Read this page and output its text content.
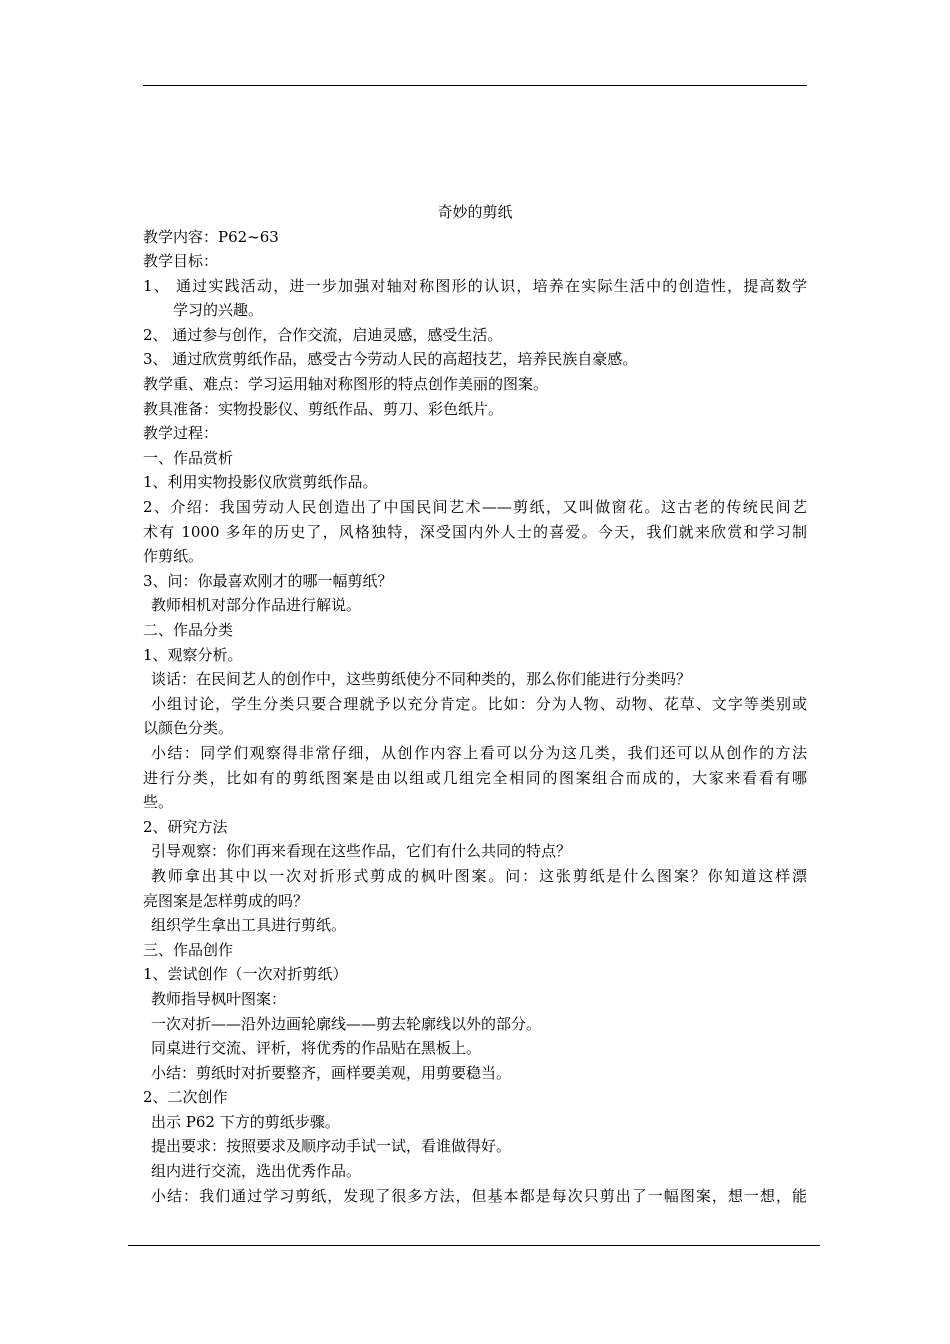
奇妙的剪纸
教学内容：P62~63
教学目标：
1、 通过实践活动，进一步加强对轴对称图形的认识，培养在实际生活中的创造性，提高数学
学习的兴趣。
2、 通过参与创作，合作交流，启迪灵感，感受生活。
3、 通过欣赏剪纸作品，感受古今劳动人民的高超技艺，培养民族自豪感。
教学重、难点：学习运用轴对称图形的特点创作美丽的图案。
教具准备：实物投影仪、剪纸作品、剪刀、彩色纸片。
教学过程：
一、作品赏析
1、利用实物投影仪欣赏剪纸作品。
2、介绍：我国劳动人民创造出了中国民间艺术——剪纸，又叫做窗花。这古老的传统民间艺
术有 1000 多年的历史了，风格独特，深受国内外人士的喜爱。今天，我们就来欣赏和学习制
作剪纸。
3、问：你最喜欢刚才的哪一幅剪纸？
教师相机对部分作品进行解说。
二、作品分类
1、观察分析。
谈话：在民间艺人的创作中，这些剪纸使分不同种类的，那么你们能进行分类吗？
小组讨论，学生分类只要合理就予以充分肯定。比如：分为人物、动物、花草、文字等类别或
以颜色分类。
小结：同学们观察得非常仔细，从创作内容上看可以分为这几类，我们还可以从创作的方法
进行分类，比如有的剪纸图案是由以组或几组完全相同的图案组合而成的，大家来看看有哪
些。
2、研究方法
引导观察：你们再来看现在这些作品，它们有什么共同的特点？
教师拿出其中以一次对折形式剪成的枫叶图案。问：这张剪纸是什么图案？你知道这样漂
亮图案是怎样剪成的吗？
组织学生拿出工具进行剪纸。
三、作品创作
1、尝试创作（一次对折剪纸）
教师指导枫叶图案：
一次对折——沿外边画轮廓线——剪去轮廓线以外的部分。
同桌进行交流、评析，将优秀的作品贴在黑板上。
小结：剪纸时对折要整齐，画样要美观，用剪要稳当。
2、二次创作
出示 P62 下方的剪纸步骤。
提出要求：按照要求及顺序动手试一试，看谁做得好。
组内进行交流，选出优秀作品。
小结：我们通过学习剪纸，发现了很多方法，但基本都是每次只剪出了一幅图案，想一想，能
